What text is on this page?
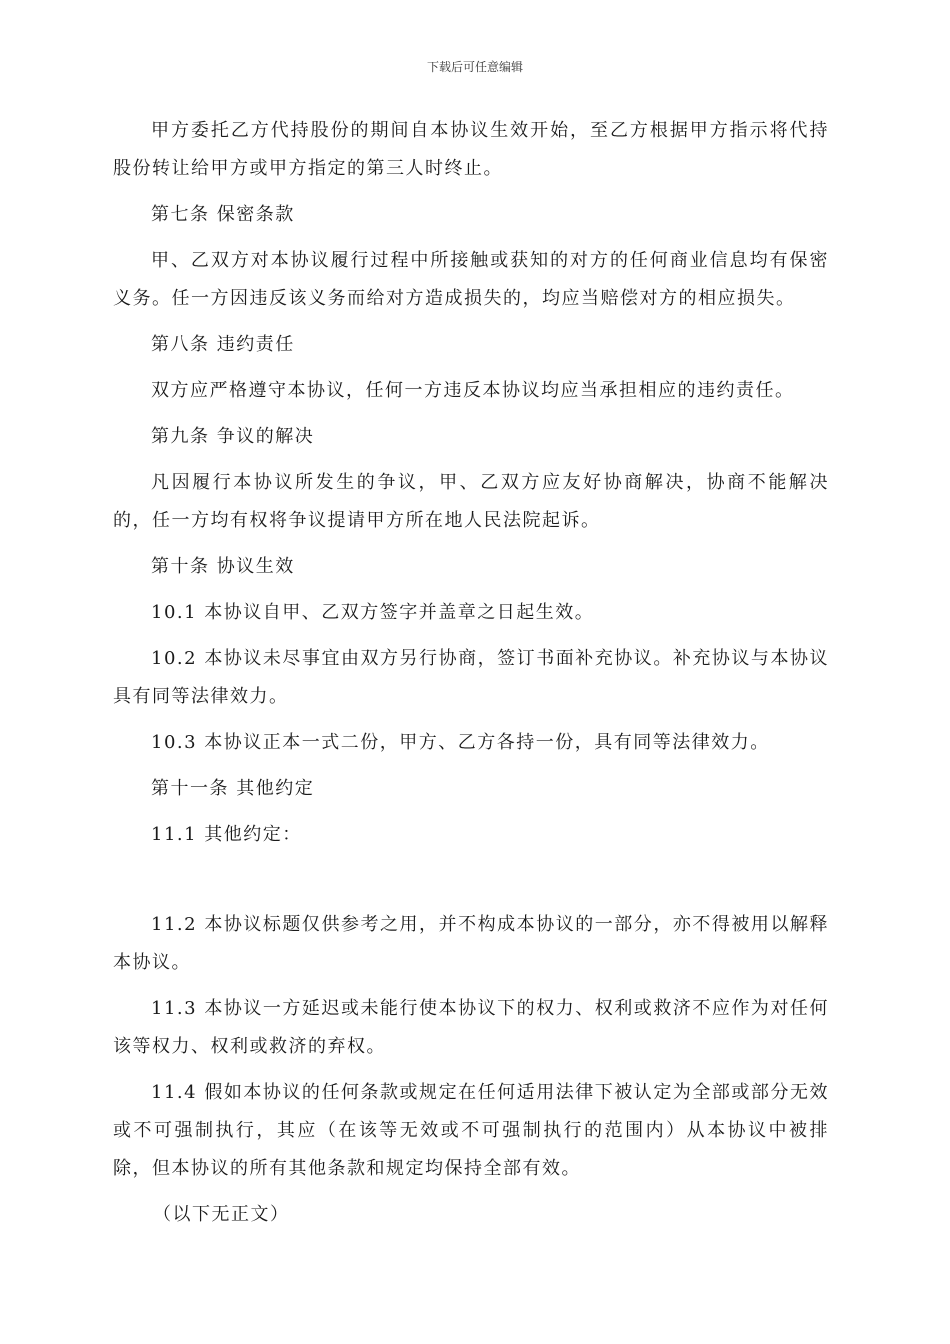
下载后可任意编辑

甲方委托乙方代持股份的期间自本协议生效开始，至乙方根据甲方指示将代持股份转让给甲方或甲方指定的第三人时终止。

第七条 保密条款

甲、乙双方对本协议履行过程中所接触或获知的对方的任何商业信息均有保密义务。任一方因违反该义务而给对方造成损失的，均应当赔偿对方的相应损失。

第八条 违约责任

双方应严格遵守本协议，任何一方违反本协议均应当承担相应的违约责任。

第九条 争议的解决

凡因履行本协议所发生的争议，甲、乙双方应友好协商解决，协商不能解决的，任一方均有权将争议提请甲方所在地人民法院起诉。

第十条 协议生效

10.1 本协议自甲、乙双方签字并盖章之日起生效。

10.2 本协议未尽事宜由双方另行协商，签订书面补充协议。补充协议与本协议具有同等法律效力。

10.3 本协议正本一式二份，甲方、乙方各持一份，具有同等法律效力。

第十一条 其他约定

11.1 其他约定：

11.2 本协议标题仅供参考之用，并不构成本协议的一部分，亦不得被用以解释本协议。

11.3 本协议一方延迟或未能行使本协议下的权力、权利或救济不应作为对任何该等权力、权利或救济的弃权。

11.4 假如本协议的任何条款或规定在任何适用法律下被认定为全部或部分无效或不可强制执行，其应（在该等无效或不可强制执行的范围内）从本协议中被排除，但本协议的所有其他条款和规定均保持全部有效。

（以下无正文）
